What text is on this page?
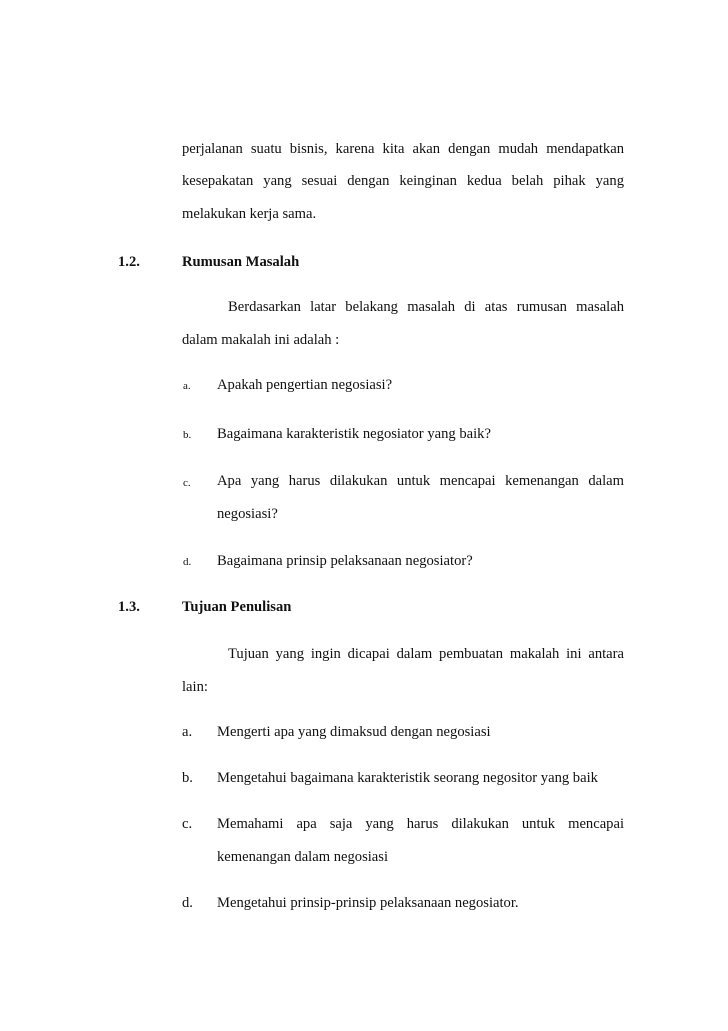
perjalanan suatu bisnis, karena kita akan dengan mudah mendapatkan
kesepakatan yang sesuai dengan keinginan kedua belah pihak yang
melakukan kerja sama.
1.2.	Rumusan Masalah
Berdasarkan latar belakang masalah di atas rumusan masalah
dalam makalah ini adalah :
a. Apakah pengertian negosiasi?
b. Bagaimana karakteristik negosiator yang baik?
c. Apa yang harus dilakukan untuk mencapai kemenangan dalam
negosiasi?
d. Bagaimana prinsip pelaksanaan negosiator?
1.3.	Tujuan Penulisan
Tujuan yang ingin dicapai dalam pembuatan makalah ini antara
lain:
a. Mengerti apa yang dimaksud dengan negosiasi
b. Mengetahui bagaimana karakteristik seorang negositor yang baik
c. Memahami apa saja yang harus dilakukan untuk mencapai
kemenangan dalam negosiasi
d. Mengetahui prinsip-prinsip pelaksanaan negosiator.
